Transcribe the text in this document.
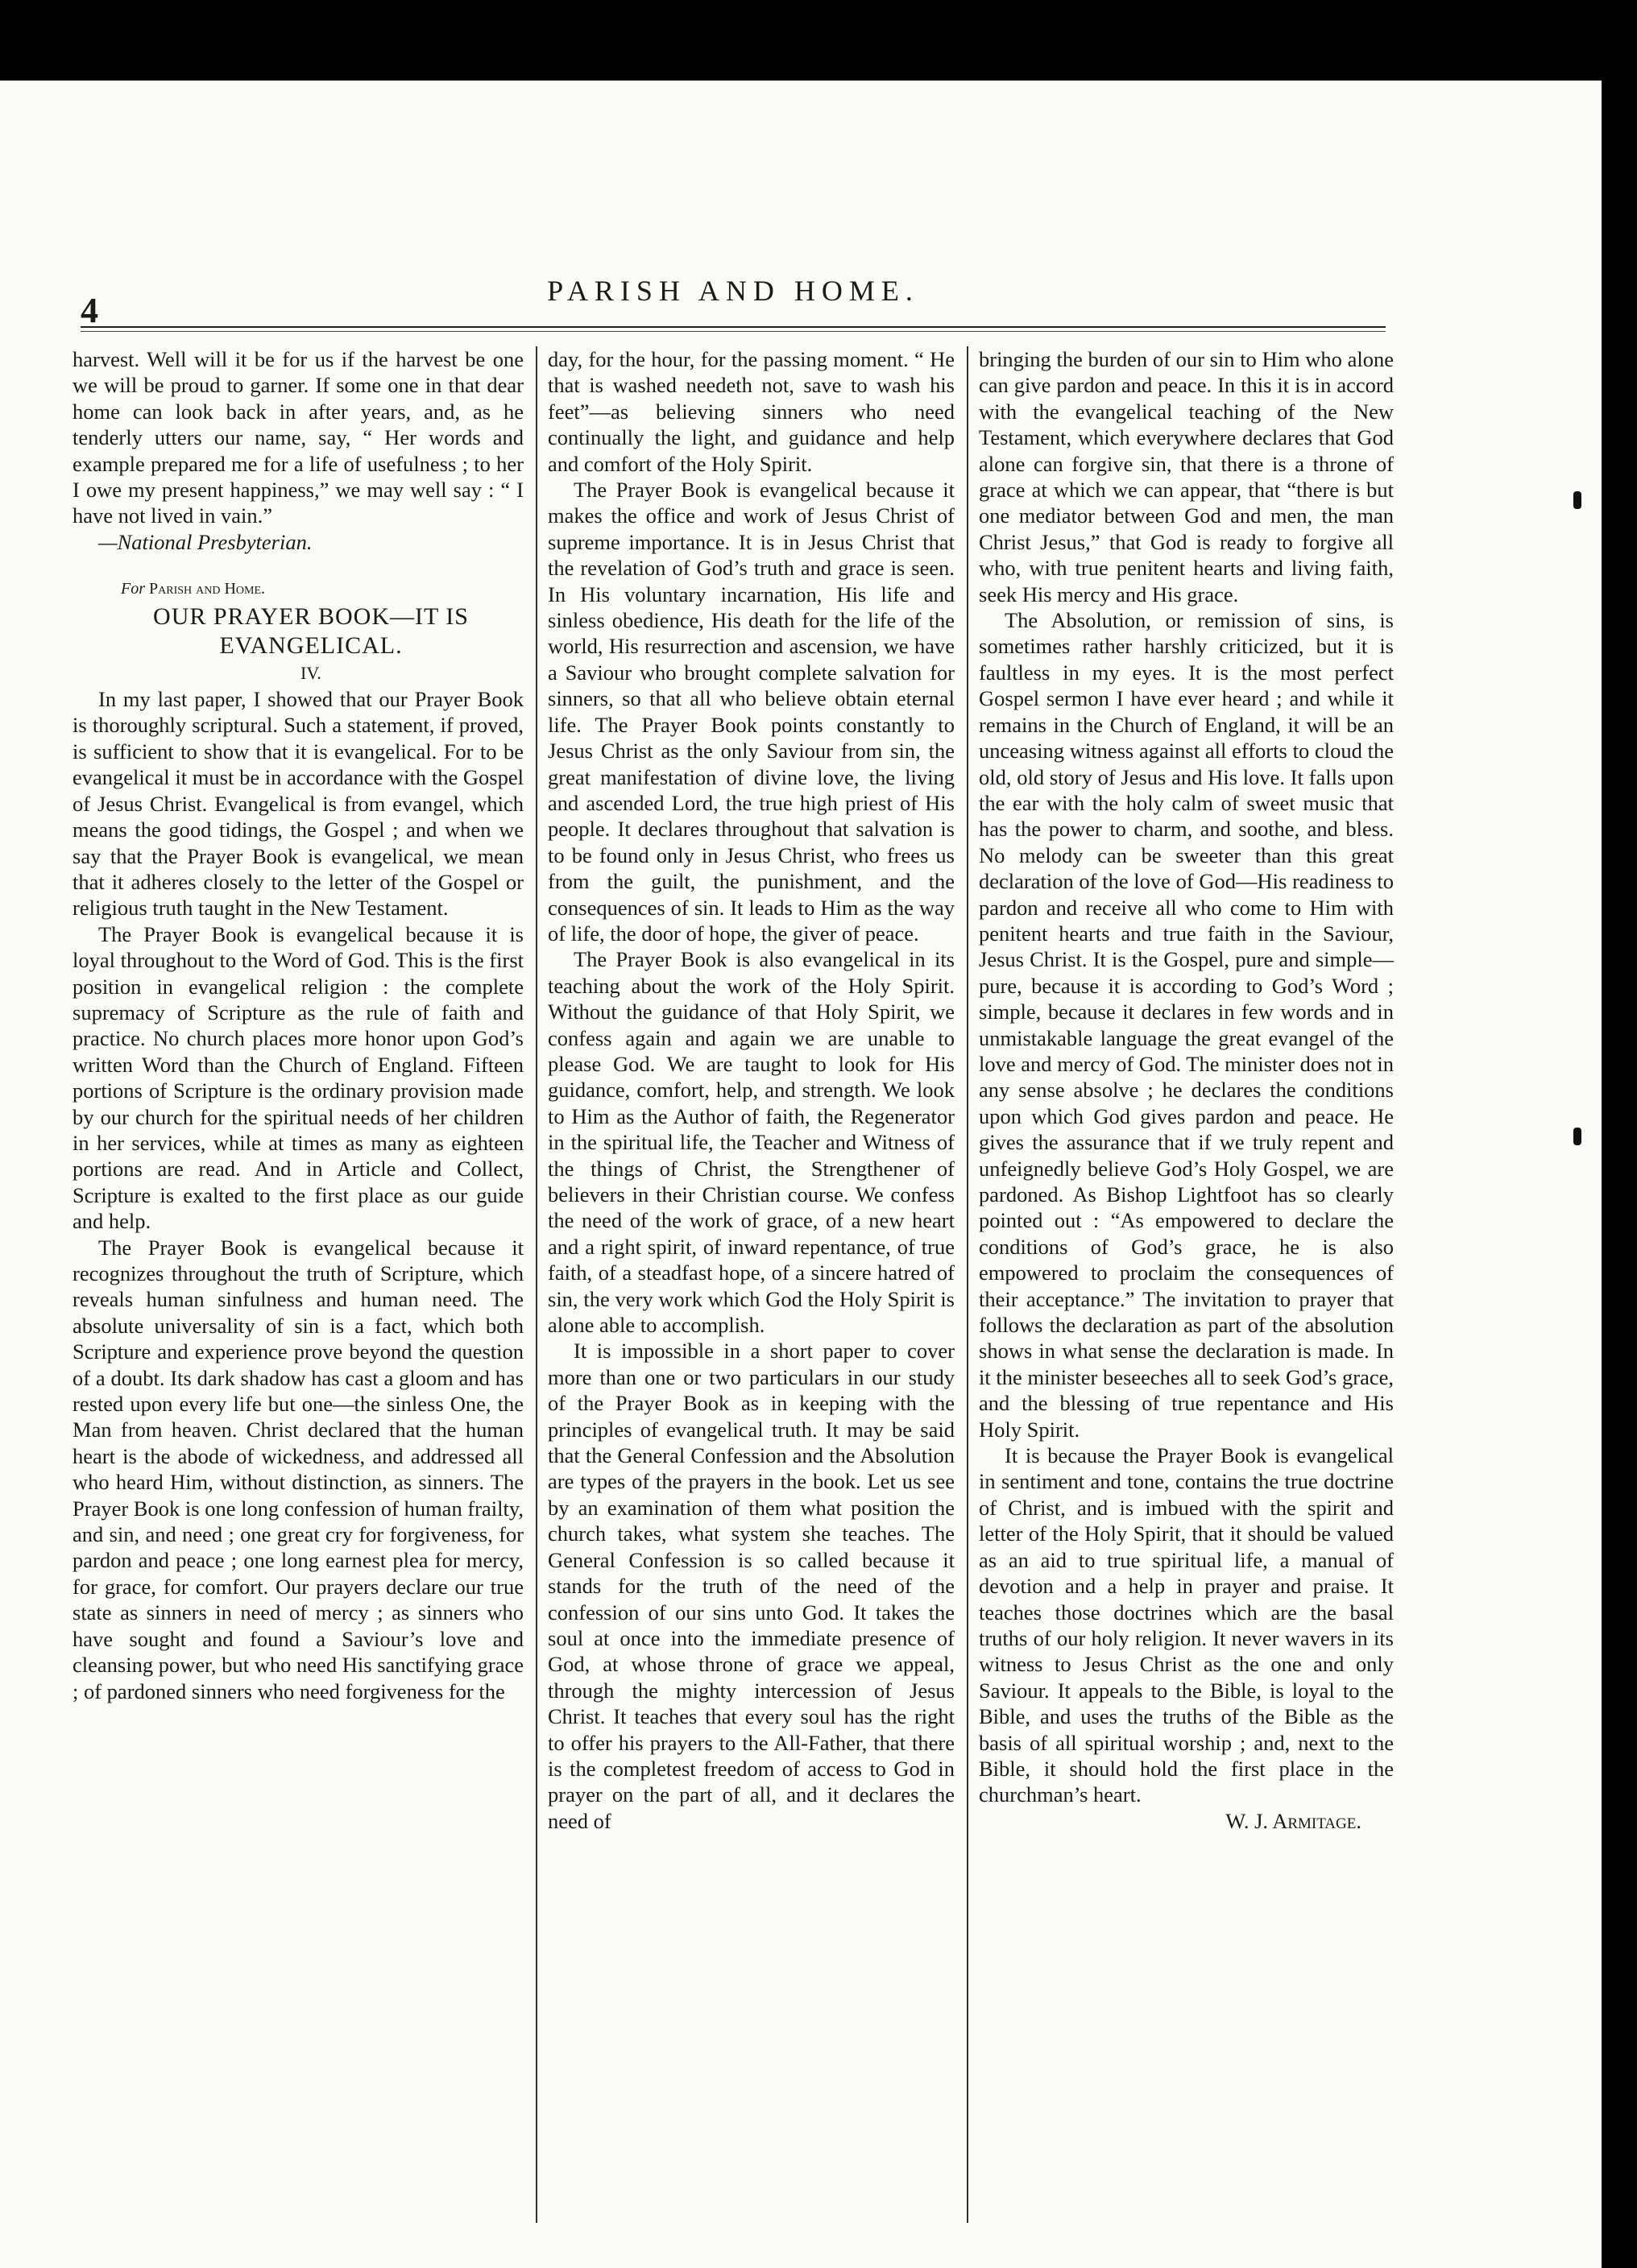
4	PARISH AND HOME.

harvest. Well will it be for us if the harvest be one we will be proud to garner. If some one in that dear home can look back in after years, and, as he tenderly utters our name, say, “ Her words and example prepared me for a life of usefulness ; to her I owe my present happiness,” we may well say : “ I have not lived in vain.”

—National Presbyterian.

For Parish and Home.

OUR PRAYER BOOK—IT IS

EVANGELICAL.

IV.

In my last paper, I showed that our Prayer Book is thoroughly scriptural. Such a statement, if proved, is sufficient to show that it is evangelical. For to be evangelical it must be in accordance with the Gospel of Jesus Christ. Evangelical is from evangel, which means the good tidings, the Gospel ; and when we say that the Prayer Book is evangelical, we mean that it adheres closely to the letter of the Gospel or religious truth taught in the New Testament.

The Prayer Book is evangelical because it is loyal throughout to the Word of God. This is the first position in evangelical religion : the complete supremacy of Scripture as the rule of faith and practice. No church places more honor upon God’s written Word than the Church of England. Fifteen portions of Scripture is the ordinary provision made by our church for the spiritual needs of her children in her services, while at times as many as eighteen portions are read. And in Article and Collect, Scripture is exalted to the first place as our guide and help.

The Prayer Book is evangelical because it recognizes throughout the truth of Scripture, which reveals human sinfulness and human need. The absolute universality of sin is a fact, which both Scripture and experience prove beyond the question of a doubt. Its dark shadow has cast a gloom and has rested upon every life but one—the sinless One, the Man from heaven. Christ declared that the human heart is the abode of wickedness, and addressed all who heard Him, without distinction, as sinners. The Prayer Book is one long confession of human frailty, and sin, and need ; one great cry for forgiveness, for pardon and peace ; one long earnest plea for mercy, for grace, for comfort. Our prayers declare our true state as sinners in need of mercy ; as sinners who have sought and found a Saviour’s love and cleansing power, but who need His sanctifying grace ; of pardoned sinners who need forgiveness for the

day, for the hour, for the passing moment. “ He that is washed needeth not, save to wash his feet”—as believing sinners who need continually the light, and guidance and help and comfort of the Holy Spirit.

The Prayer Book is evangelical because it makes the office and work of Jesus Christ of supreme importance. It is in Jesus Christ that the revelation of God’s truth and grace is seen. In His voluntary incarnation, His life and sinless obedience, His death for the life of the world, His resurrection and ascension, we have a Saviour who brought complete salvation for sinners, so that all who believe obtain eternal life. The Prayer Book points constantly to Jesus Christ as the only Saviour from sin, the great manifestation of divine love, the living and ascended Lord, the true high priest of His people. It declares throughout that salvation is to be found only in Jesus Christ, who frees us from the guilt, the punishment, and the consequences of sin. It leads to Him as the way of life, the door of hope, the giver of peace.

The Prayer Book is also evangelical in its teaching about the work of the Holy Spirit. Without the guidance of that Holy Spirit, we confess again and again we are unable to please God. We are taught to look for His guidance, comfort, help, and strength. We look to Him as the Author of faith, the Regenerator in the spiritual life, the Teacher and Witness of the things of Christ, the Strengthener of believers in their Christian course. We confess the need of the work of grace, of a new heart and a right spirit, of inward repentance, of true faith, of a steadfast hope, of a sincere hatred of sin, the very work which God the Holy Spirit is alone able to accomplish.

It is impossible in a short paper to cover more than one or two particulars in our study of the Prayer Book as in keeping with the principles of evangelical truth. It may be said that the General Confession and the Absolution are types of the prayers in the book. Let us see by an examination of them what position the church takes, what system she teaches. The General Confession is so called because it stands for the truth of the need of the confession of our sins unto God. It takes the soul at once into the immediate presence of God, at whose throne of grace we appeal, through the mighty intercession of Jesus Christ. It teaches that every soul has the right to offer his prayers to the All-Father, that there is the completest freedom of access to God in prayer on the part of all, and it declares the need of

bringing the burden of our sin to Him who alone can give pardon and peace. In this it is in accord with the evangelical teaching of the New Testament, which everywhere declares that God alone can forgive sin, that there is a throne of grace at which we can appear, that “there is but one mediator between God and men, the man Christ Jesus,” that God is ready to forgive all who, with true penitent hearts and living faith, seek His mercy and His grace.

The Absolution, or remission of sins, is sometimes rather harshly criticized, but it is faultless in my eyes. It is the most perfect Gospel sermon I have ever heard ; and while it remains in the Church of England, it will be an unceasing witness against all efforts to cloud the old, old story of Jesus and His love. It falls upon the ear with the holy calm of sweet music that has the power to charm, and soothe, and bless. No melody can be sweeter than this great declaration of the love of God—His readiness to pardon and receive all who come to Him with penitent hearts and true faith in the Saviour, Jesus Christ. It is the Gospel, pure and simple—pure, because it is according to God’s Word ; simple, because it declares in few words and in unmistakable language the great evangel of the love and mercy of God. The minister does not in any sense absolve ; he declares the conditions upon which God gives pardon and peace. He gives the assurance that if we truly repent and unfeignedly believe God’s Holy Gospel, we are pardoned. As Bishop Lightfoot has so clearly pointed out : “As empowered to declare the conditions of God’s grace, he is also empowered to proclaim the consequences of their acceptance.” The invitation to prayer that follows the declaration as part of the absolution shows in what sense the declaration is made. In it the minister beseeches all to seek God’s grace, and the blessing of true repentance and His Holy Spirit.

It is because the Prayer Book is evangelical in sentiment and tone, contains the true doctrine of Christ, and is imbued with the spirit and letter of the Holy Spirit, that it should be valued as an aid to true spiritual life, a manual of devotion and a help in prayer and praise. It teaches those doctrines which are the basal truths of our holy religion. It never wavers in its witness to Jesus Christ as the one and only Saviour. It appeals to the Bible, is loyal to the Bible, and uses the truths of the Bible as the basis of all spiritual worship ; and, next to the Bible, it should hold the first place in the churchman’s heart.

W. J. Armitage.
